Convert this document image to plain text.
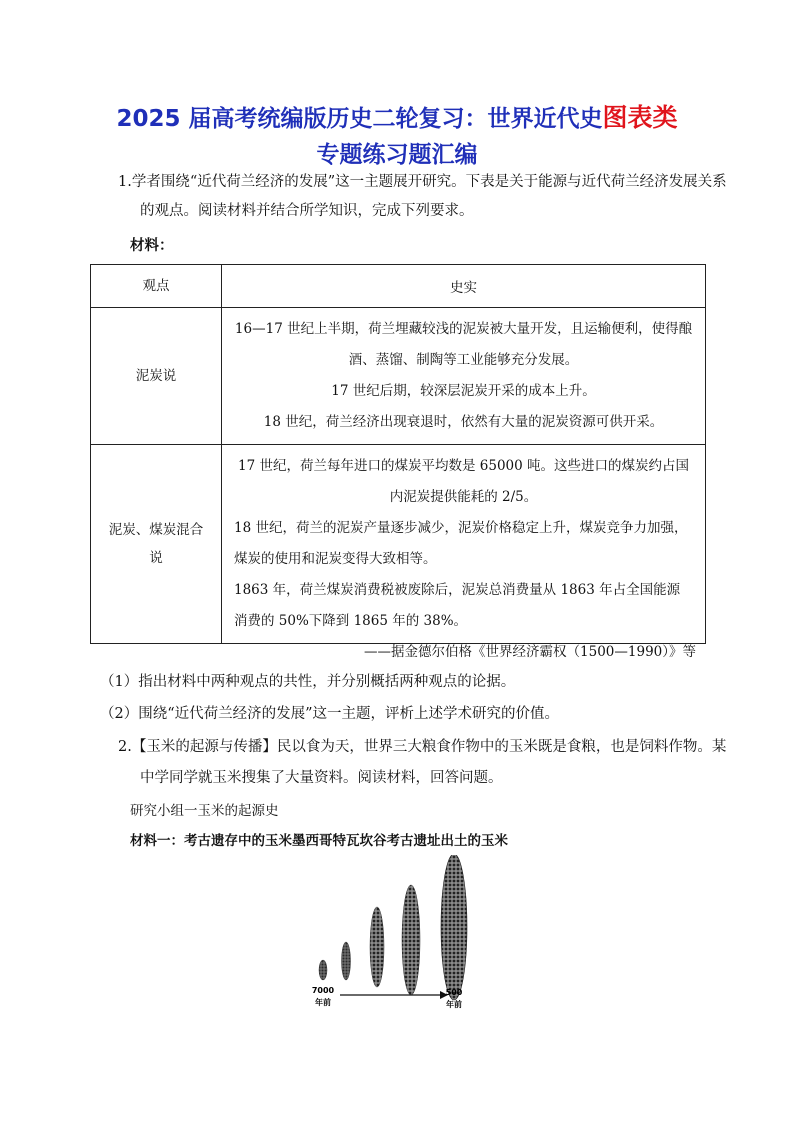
2025 届高考统编版历史二轮复习：世界近代史图表类
专题练习题汇编
1.学者围绕“近代荷兰经济的发展”这一主题展开研究。下表是关于能源与近代荷兰经济发展关系的观点。阅读材料并结合所学知识，完成下列要求。
材料：
观点	史实
泥炭说	16—17 世纪上半期，荷兰埋藏较浅的泥炭被大量开发，且运输便利，使得酿酒、蒸馏、制陶等工业能够充分发展。

17 世纪后期，较深层泥炭开采的成本上升。

18 世纪，荷兰经济出现衰退时，依然有大量的泥炭资源可供开采。

泥炭、煤炭混合说	17 世纪，荷兰每年进口的煤炭平均数是 65000 吨。这些进口的煤炭约占国内泥炭提供能耗的 2/5。

18 世纪，荷兰的泥炭产量逐步减少，泥炭价格稳定上升，煤炭竞争力加强，煤炭的使用和泥炭变得大致相等。

1863 年，荷兰煤炭消费税被废除后，泥炭总消费量从 1863 年占全国能源消费的 50%下降到 1865 年的 38%。

——据金德尔伯格《世界经济霸权（1500—1990）》等
（1）指出材料中两种观点的共性，并分别概括两种观点的论据。
（2）围绕“近代荷兰经济的发展”这一主题，评析上述学术研究的价值。
2.【玉米的起源与传播】民以食为天，世界三大粮食作物中的玉米既是食粮，也是饲料作物。某中学同学就玉米搜集了大量资料。阅读材料，回答问题。
研究小组一玉米的起源史
材料一：考古遗存中的玉米墨西哥特瓦坎谷考古遗址出土的玉米
7000
年前
500
年前
